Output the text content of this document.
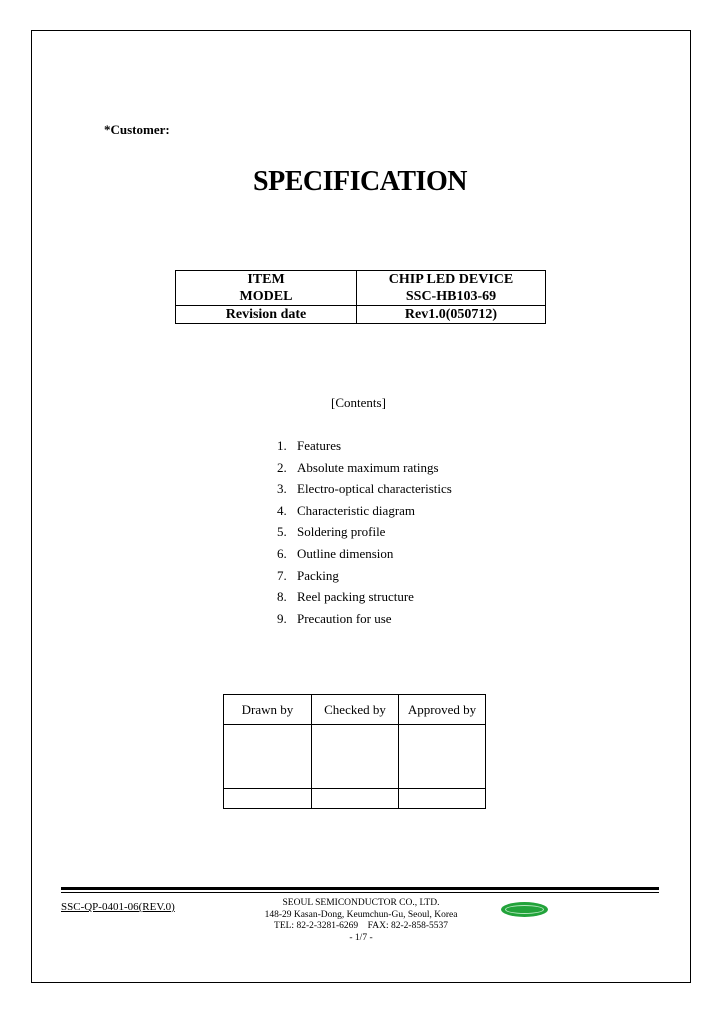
*Customer:
SPECIFICATION
ITEM	CHIP LED DEVICE
MODEL	SSC-HB103-69
Revision date	Rev1.0(050712)
[Contents]
1. Features
2. Absolute maximum ratings
3. Electro-optical characteristics
4. Characteristic diagram
5. Soldering profile
6. Outline dimension
7. Packing
8. Reel packing structure
9. Precaution for use
Drawn by	Checked by	Approved by

SSC-QP-0401-06(REV.0)	SEOUL SEMICONDUCTOR CO., LTD.
148-29 Kasan-Dong, Keumchun-Gu, Seoul, Korea
TEL: 82-2-3281-6269    FAX: 82-2-858-5537
- 1/7 -
